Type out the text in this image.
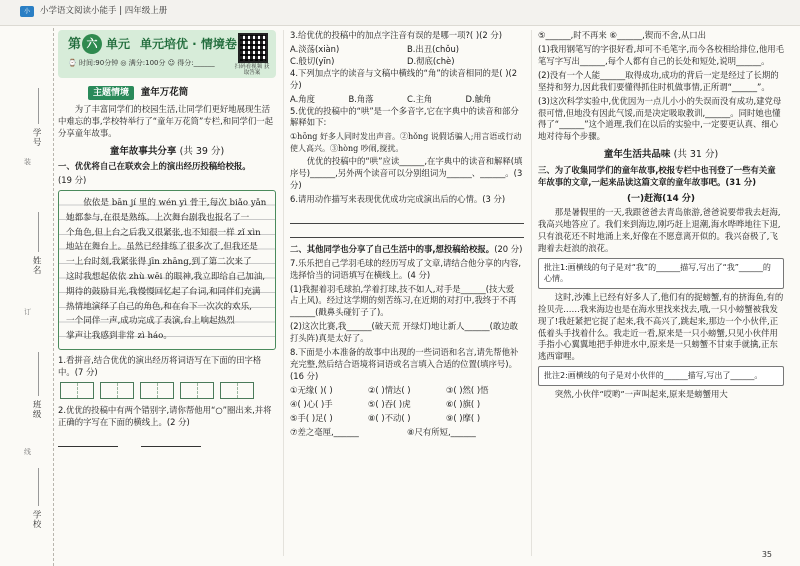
小	小学语文阅读小能手 | 四年级上册
学号
姓名
班级
学校
装
订
线
第 六 单元 单元培优 · 情境卷
⌚ 时间:90分钟 ◎ 满分:100分 ☺ 得分:______	扫码看视频 获取答案
主题情境 童年万花筒

为了丰富同学们的校园生活,让同学们更好地展现生活中难忘的事,学校特举行了“童年万花筒”专栏,和同学们一起分享童年故事。

童年故事共分享 (共 39 分)

一、优优将自己在联欢会上的演出经历投稿给校报。

(19 分)

依依是 bān jí 里的 wén yì 骨干,每次 biǎo yǎn
她都参与,在很是熟练。上次舞台剧我也报名了一
个角色,但上台之后我又很紧张,也不知很一样 zǐ xìn
地站在舞台上。虽然已经排练了很多次了,但我还是
一上台时刻,我紧张得 jīn zhāng,到了第二次来了
这时我想起依依 zhù wēi 的眼神,我立即给自己加油,
期待的鼓励目光,我慢慢回忆起了台词,和同伴们充满
热情地演绎了自己的角色,和在台下一次次的欢乐,
一个同伴一声,成功完成了表演,台上响起热烈
掌声让我感到非常 zì háo。

1.看拼音,结合优优的演出经历将词语写在下面的田字格中。(7 分)

2.优优的投稿中有两个错别字,请你帮他用“○”圈出来,并将正确的字写在下面的横线上。(2 分)

3.给优优的投稿中的加点字注音有误的是哪一项?( )(2 分)

A.淡荡(xiàn)	B.出丑(chǒu)
C.般切(yīn)	D.彻底(chè)

4.下列加点字的读音与文稿中横线的“角”的读音相同的是( )(2 分)

A.角度	B.角落	C.主角	D.触角

5.优优的投稿中的“哄”是一个多音字,它在字典中的读音和部分解释如下:

①hōng 好多人同时发出声音。②hǒng 说假话骗人;用言语或行动使人高兴。③hòng 吵闹,搅扰。

优优的投稿中的“哄”应读______,在字典中的读音和解释(填序号)______,另外两个读音可以分别组词为______、______。(3 分)

6.请用动作描写来表现优优成功完成演出后的心情。(3 分)

二、其他同学也分享了自己生活中的事,想投稿给校报。(20 分)

7.乐乐把自己学羽毛球的经历写成了文章,请结合他分享的内容,选择恰当的词语填写在横线上。(4 分)

(1)我握着羽毛球拍,学着打球,技不如人,对手是______(技大爱 占上风)。经过这学期的刻苦练习,在近期的对打中,我终于不再______(戳鼻头碰钉子了)。

(2)这次比赛,我______(破天荒 开绿灯)地让新人______(敢边敢 打头阵)真是太好了。

8.下面是小本准备的故事中出现的一些词语和名言,请先帮他补充完整,然后结合语境将词语或名言填入合适的位置(填序号)。(16 分)

①无缘( )( )	②( )情达( )	③( )然( )悟
④( )心( )手	⑤( )吞( )虎	⑥( )旗( )
⑤手( )足( )	⑧( )不动( )	⑨( )摩( )
⑦差之毫厘,______	⑧尺有所短,______

⑤______,时不再来 ⑥______,锲而不舍,从口出

(1)我用钢笔写的字很好看,却可不毛笔字,而今各校相给排位,他用毛笔写字写出______,每个人都有自己的长处和短处,说明______。

(2)没有一个人能______取得成功,成功的背后一定是经过了长期的坚持和努力,因此我们要懂得抓住时机做事情,正所谓“______”。

(3)这次科学实验中,优优因为一点儿小小的失误而没有成功,建党母很可惜,但地没有因此气馁,而是决定吸取教训,______。同时她也懂得了“______”这个道理,我们在以后的实验中,一定要更认真、细心地对待每个步骤。

童年生活共品味 (共 31 分)

三、为了收集同学们的童年故事,校报专栏中也刊登了一些有关童年故事的文章,一起来品读这篇文章的童年故事吧。(31 分)

(一)赶海(14 分)

那是暑假里的一天,我跟爸爸去青岛旅游,爸爸说要带我去赶海,我高兴地答应了。我们来到海边,刚巧赶上退潮,海水哗哗地往下退,只有浪花还不时地涌上来,好像在不愿意离开似的。我兴奋极了,飞跑着去赶浪的浪花。

批注1:画横线的句子是对“我”的______描写,写出了“我”______的心情。

这时,沙滩上已经有好多人了,他们有的捉螃蟹,有的挤海鱼,有的捡贝壳……我来海边也是在海水里找来找去,哦,一只小螃蟹被我发现了!我赶紧把它捉了起来,我不高兴了,跳起来,那边一个小伙伴,正低着头手找着什么。我走近一看,原来是一只小螃蟹,只见小伙伴用手指小心翼翼地把手伸进水中,原来是一只螃蟹不甘束手就擒,正东逃西窜哩。

批注2:画横线的句子是对小伙伴的______描写,写出了______。

突然,小伙伴“哎哟”一声叫起来,原来是螃蟹用大

35
